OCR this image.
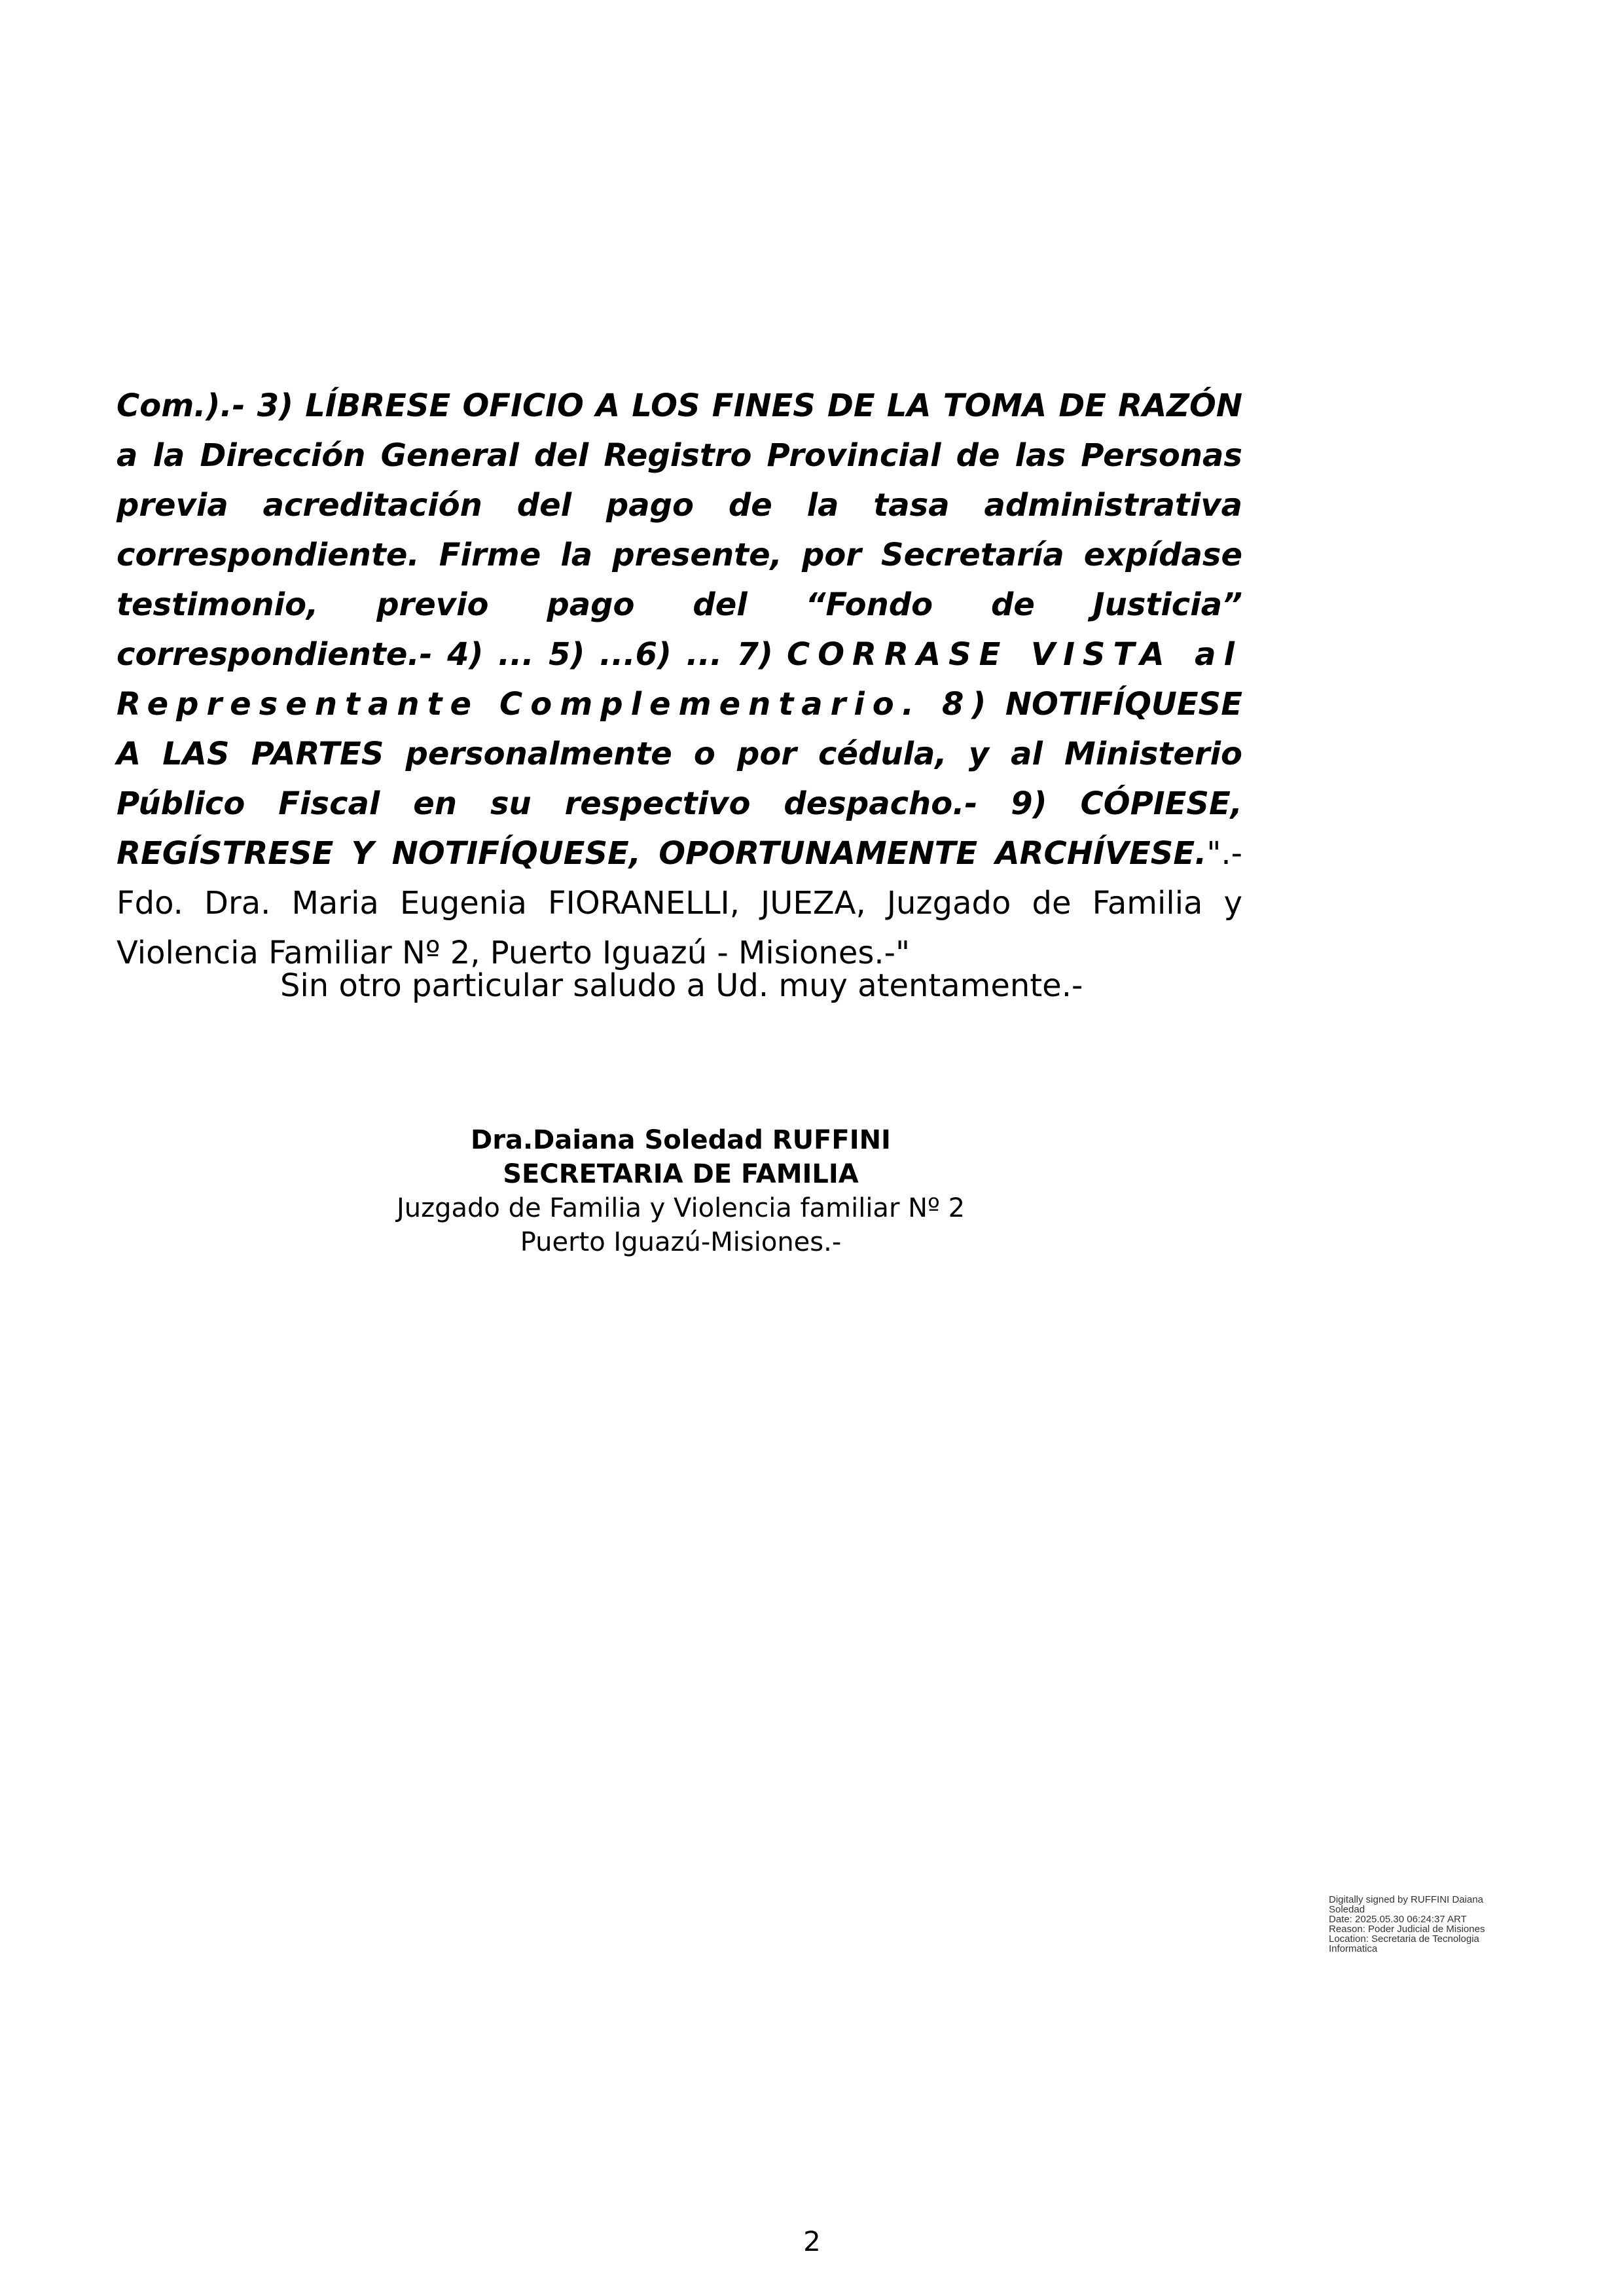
Com.).- 3) LÍBRESE OFICIO A LOS FINES DE LA TOMA DE RAZÓN a la Dirección General del Registro Provincial de las Personas previa acreditación del pago de la tasa administrativa correspondiente. Firme la presente, por Secretaría expídase testimonio, previo pago del “Fondo de Justicia” correspondiente.- 4) ... 5) ...6) ... 7) CORRASE VISTA al Representante Complementario. 8) NOTIFÍQUESE A LAS PARTES personalmente o por cédula, y al Ministerio Público Fiscal en su respectivo despacho.- 9) CÓPIESE, REGÍSTRESE Y NOTIFÍQUESE, OPORTUNAMENTE ARCHÍVESE.".- Fdo. Dra. Maria Eugenia FIORANELLI, JUEZA, Juzgado de Familia y Violencia Familiar Nº 2, Puerto Iguazú - Misiones.-"

Sin otro particular saludo a Ud. muy atentamente.-

Dra.Daiana Soledad RUFFINI
SECRETARIA DE FAMILIA
Juzgado de Familia y Violencia familiar Nº 2
Puerto Iguazú-Misiones.-
Digitally signed by RUFFINI Daiana Soledad
Date: 2025.05.30 06:24:37 ART
Reason: Poder Judicial de Misiones
Location: Secretaria de Tecnologia Informatica
2
